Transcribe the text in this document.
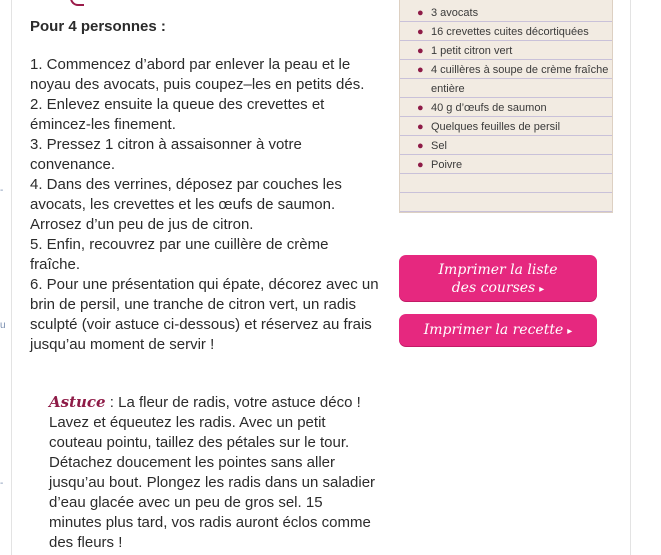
-
u
-

Pour 4 personnes :

1. Commencez d’abord par enlever la peau et le noyau des avocats, puis coupez–les en petits dés.
2. Enlevez ensuite la queue des crevettes et émincez-les finement.
3. Pressez 1 citron à assaisonner à votre convenance.
4. Dans des verrines, déposez par couches les avocats, les crevettes et les œufs de saumon. Arrosez d’un peu de jus de citron.
5. Enfin, recouvrez par une cuillère de crème fraîche.
6. Pour une présentation qui épate, décorez avec un brin de persil, une tranche de citron vert, un radis sculpté (voir astuce ci-dessous) et réservez au frais jusqu’au moment de servir !
Astuce : La fleur de radis, votre astuce déco ! Lavez et équeutez les radis. Avec un petit couteau pointu, taillez des pétales sur le tour. Détachez doucement les pointes sans aller jusqu’au bout. Plongez les radis dans un saladier d’eau glacée avec un peu de gros sel. 15 minutes plus tard, vos radis auront éclos comme des fleurs !
● 3 avocats
● 16 crevettes cuites décortiquées
● 1 petit citron vert
● 4 cuillères à soupe de crème fraîche entière
● 40 g d’œufs de saumon
● Quelques feuilles de persil
● Sel
● Poivre
Imprimer la liste
des courses ▸
Imprimer la recette ▸
